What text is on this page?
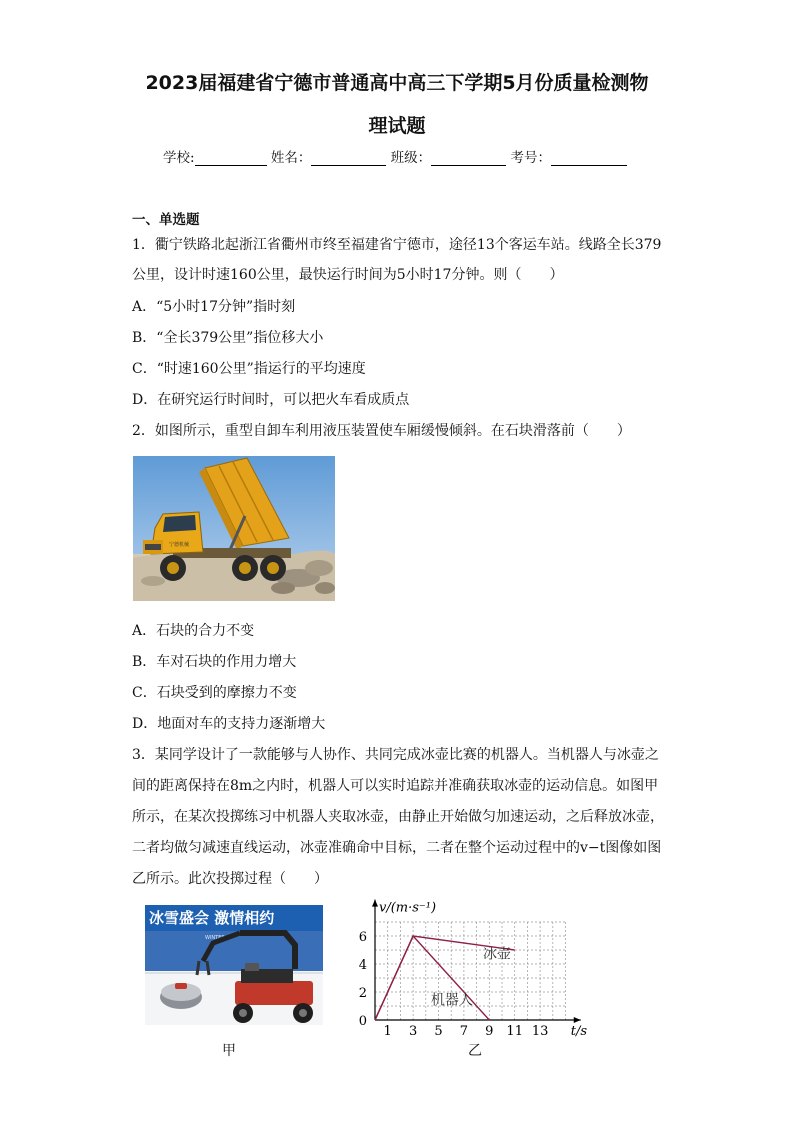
2023届福建省宁德市普通高中高三下学期5月份质量检测物
理试题
学校:	姓名：	班级：	考号：
一、单选题
1．衢宁铁路北起浙江省衢州市终至福建省宁德市，途径13个客运车站。线路全长379
公里，设计时速160公里，最快运行时间为5小时17分钟。则（　　）
A．“5小时17分钟”指时刻
B．“全长379公里”指位移大小
C．“时速160公里”指运行的平均速度
D．在研究运行时间时，可以把火车看成质点
2．如图所示，重型自卸车利用液压装置使车厢缓慢倾斜。在石块滑落前（　　）
宁德机械
A．石块的合力不变
B．车对石块的作用力增大
C．石块受到的摩擦力不变
D．地面对车的支持力逐渐增大
3．某同学设计了一款能够与人协作、共同完成冰壶比赛的机器人。当机器人与冰壶之
间的距离保持在8m之内时，机器人可以实时追踪并准确获取冰壶的运动信息。如图甲
所示，在某次投掷练习中机器人夹取冰壶，由静止开始做匀加速运动，之后释放冰壶，
二者均做匀减速直线运动，冰壶准确命中目标，二者在整个运动过程中的v−t图像如图
乙所示。此次投掷过程（　　）
冰雪盛会 激情相约
WINTER
甲
1 3 5 7 9 11 13
0
2
4
6
v/(m·s⁻¹)
t/s
冰壶
机器人
乙
